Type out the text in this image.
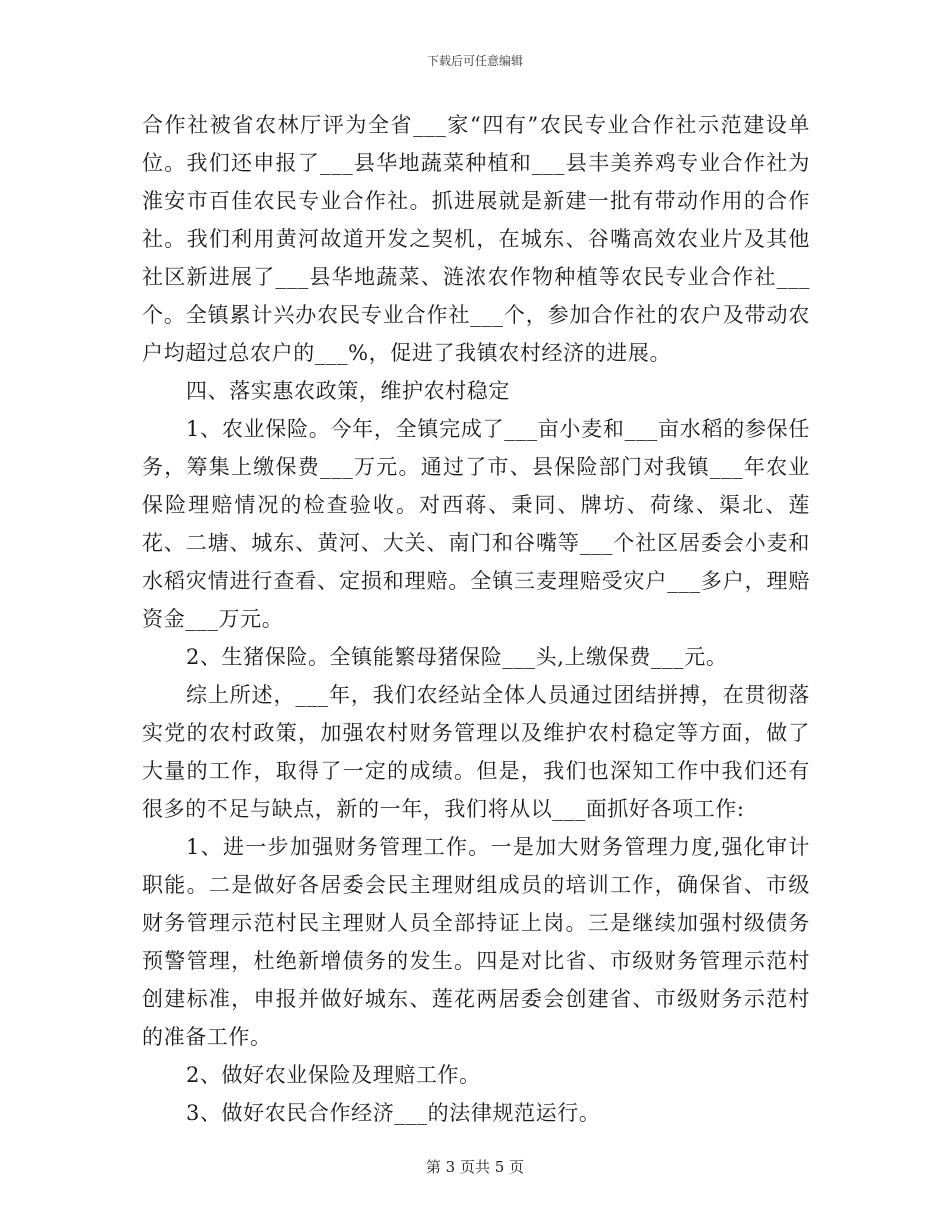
下载后可任意编辑

合作社被省农林厅评为全省___家“四有”农民专业合作社示范建设单位。我们还申报了___县华地蔬菜种植和___县丰美养鸡专业合作社为淮安市百佳农民专业合作社。抓进展就是新建一批有带动作用的合作社。我们利用黄河故道开发之契机，在城东、谷嘴高效农业片及其他社区新进展了___县华地蔬菜、涟浓农作物种植等农民专业合作社___个。全镇累计兴办农民专业合作社___个，参加合作社的农户及带动农户均超过总农户的___%，促进了我镇农村经济的进展。

四、落实惠农政策，维护农村稳定

1、农业保险。今年，全镇完成了___亩小麦和___亩水稻的参保任务，筹集上缴保费___万元。通过了市、县保险部门对我镇___年农业保险理赔情况的检查验收。对西蒋、秉同、牌坊、荷缘、渠北、莲花、二塘、城东、黄河、大关、南门和谷嘴等___个社区居委会小麦和水稻灾情进行查看、定损和理赔。全镇三麦理赔受灾户___多户，理赔资金___万元。

2、生猪保险。全镇能繁母猪保险___头,上缴保费___元。

综上所述，___年，我们农经站全体人员通过团结拼搏，在贯彻落实党的农村政策，加强农村财务管理以及维护农村稳定等方面，做了大量的工作，取得了一定的成绩。但是，我们也深知工作中我们还有很多的不足与缺点，新的一年，我们将从以___面抓好各项工作:

1、进一步加强财务管理工作。一是加大财务管理力度,强化审计职能。二是做好各居委会民主理财组成员的培训工作，确保省、市级财务管理示范村民主理财人员全部持证上岗。三是继续加强村级债务预警管理，杜绝新增债务的发生。四是对比省、市级财务管理示范村创建标准，申报并做好城东、莲花两居委会创建省、市级财务示范村的准备工作。

2、做好农业保险及理赔工作。

3、做好农民合作经济___的法律规范运行。

第 3 页共 5 页
